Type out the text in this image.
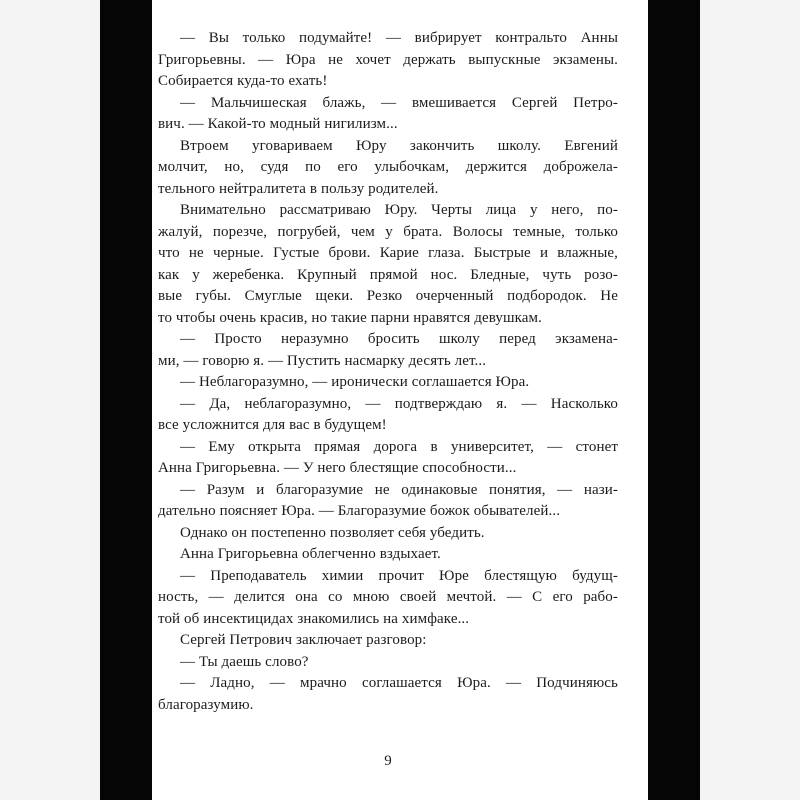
— Вы только подумайте! — вибрирует контральто Анны
Григорьевны. — Юра не хочет держать выпускные экзамены.
Собирается куда-то ехать!
— Мальчишеская блажь, — вмешивается Сергей Петро-
вич. — Какой-то модный нигилизм...
Втроем уговариваем Юру закончить школу. Евгений
молчит, но, судя по его улыбочкам, держится доброжела-
тельного нейтралитета в пользу родителей.
Внимательно рассматриваю Юру. Черты лица у него, по-
жалуй, порезче, погрубей, чем у брата. Волосы темные, только
что не черные. Густые брови. Карие глаза. Быстрые и влажные,
как у жеребенка. Крупный прямой нос. Бледные, чуть розо-
вые губы. Смуглые щеки. Резко очерченный подбородок. Не
то чтобы очень красив, но такие парни нравятся девушкам.
— Просто неразумно бросить школу перед экзамена-
ми, — говорю я. — Пустить насмарку десять лет...
— Неблагоразумно, — иронически соглашается Юра.
— Да, неблагоразумно, — подтверждаю я. — Насколько
все усложнится для вас в будущем!
— Ему открыта прямая дорога в университет, — стонет
Анна Григорьевна. — У него блестящие способности...
— Разум и благоразумие не одинаковые понятия, — нази-
дательно поясняет Юра. — Благоразумие божок обывателей...
Однако он постепенно позволяет себя убедить.
Анна Григорьевна облегченно вздыхает.
— Преподаватель химии прочит Юре блестящую будущ-
ность, — делится она со мною своей мечтой. — С его рабо-
той об инсектицидах знакомились на химфаке...
Сергей Петрович заключает разговор:
— Ты даешь слово?
— Ладно, — мрачно соглашается Юра. — Подчиняюсь
благоразумию.
9
